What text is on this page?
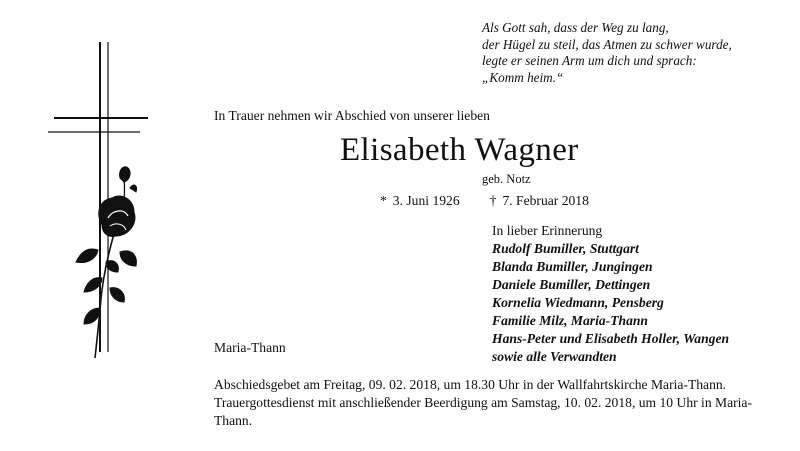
Als Gott sah, dass der Weg zu lang,
der Hügel zu steil, das Atmen zu schwer wurde,
legte er seinen Arm um dich und sprach:
„Komm heim.“
In Trauer nehmen wir Abschied von unserer lieben
Elisabeth Wagner
geb. Notz
* 3. Juni 1926 † 7. Februar 2018
In lieber Erinnerung
Rudolf Bumiller, Stuttgart
Blanda Bumiller, Jungingen
Daniele Bumiller, Dettingen
Kornelia Wiedmann, Pensberg
Familie Milz, Maria-Thann
Hans-Peter und Elisabeth Holler, Wangen
sowie alle Verwandten
Maria-Thann
Abschiedsgebet am Freitag, 09. 02. 2018, um 18.30 Uhr in der Wallfahrtskirche Maria-Thann.
Trauergottesdienst mit anschließender Beerdigung am Samstag, 10. 02. 2018, um 10 Uhr in Maria-Thann.
